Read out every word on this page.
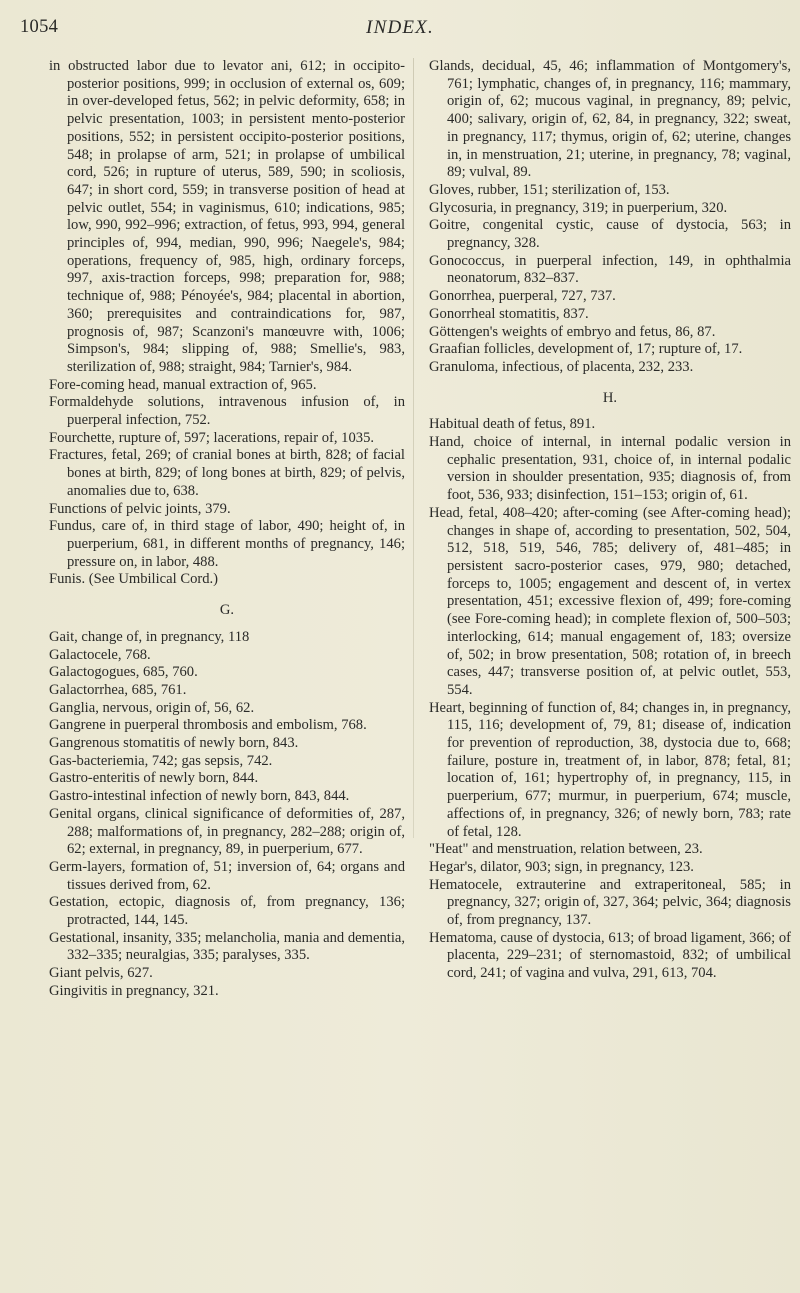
1054	INDEX.

in obstructed labor due to levator ani, 612; in occipito-posterior positions, 999; in occlusion of external os, 609; in over-developed fetus, 562; in pelvic deformity, 658; in pelvic presentation, 1003; in persistent mento-posterior positions, 552; in persistent occipito-posterior positions, 548; in prolapse of arm, 521; in prolapse of umbilical cord, 526; in rupture of uterus, 589, 590; in scoliosis, 647; in short cord, 559; in transverse position of head at pelvic outlet, 554; in vaginismus, 610; indications, 985; low, 990, 992–996; extraction, of fetus, 993, 994, general principles of, 994, median, 990, 996; Naegele's, 984; operations, frequency of, 985, high, ordinary forceps, 997, axis-traction forceps, 998; preparation for, 988; technique of, 988; Pénoyée's, 984; placental in abortion, 360; prerequisites and contraindications for, 987, prognosis of, 987; Scanzoni's manœuvre with, 1006; Simpson's, 984; slipping of, 988; Smellie's, 983, sterilization of, 988; straight, 984; Tarnier's, 984.

Fore-coming head, manual extraction of, 965.

Formaldehyde solutions, intravenous infusion of, in puerperal infection, 752.

Fourchette, rupture of, 597; lacerations, repair of, 1035.

Fractures, fetal, 269; of cranial bones at birth, 828; of facial bones at birth, 829; of long bones at birth, 829; of pelvis, anomalies due to, 638.

Functions of pelvic joints, 379.

Fundus, care of, in third stage of labor, 490; height of, in puerperium, 681, in different months of pregnancy, 146; pressure on, in labor, 488.

Funis. (See Umbilical Cord.)

G.

Gait, change of, in pregnancy, 118

Galactocele, 768.

Galactogogues, 685, 760.

Galactorrhea, 685, 761.

Ganglia, nervous, origin of, 56, 62.

Gangrene in puerperal thrombosis and embolism, 768.

Gangrenous stomatitis of newly born, 843.

Gas-bacteriemia, 742; gas sepsis, 742.

Gastro-enteritis of newly born, 844.

Gastro-intestinal infection of newly born, 843, 844.

Genital organs, clinical significance of deformities of, 287, 288; malformations of, in pregnancy, 282–288; origin of, 62; external, in pregnancy, 89, in puerperium, 677.

Germ-layers, formation of, 51; inversion of, 64; organs and tissues derived from, 62.

Gestation, ectopic, diagnosis of, from pregnancy, 136; protracted, 144, 145.

Gestational, insanity, 335; melancholia, mania and dementia, 332–335; neuralgias, 335; paralyses, 335.

Giant pelvis, 627.

Gingivitis in pregnancy, 321.

Glands, decidual, 45, 46; inflammation of Montgomery's, 761; lymphatic, changes of, in pregnancy, 116; mammary, origin of, 62; mucous vaginal, in pregnancy, 89; pelvic, 400; salivary, origin of, 62, 84, in pregnancy, 322; sweat, in pregnancy, 117; thymus, origin of, 62; uterine, changes in, in menstruation, 21; uterine, in pregnancy, 78; vaginal, 89; vulval, 89.

Gloves, rubber, 151; sterilization of, 153.

Glycosuria, in pregnancy, 319; in puerperium, 320.

Goitre, congenital cystic, cause of dystocia, 563; in pregnancy, 328.

Gonococcus, in puerperal infection, 149, in ophthalmia neonatorum, 832–837.

Gonorrhea, puerperal, 727, 737.

Gonorrheal stomatitis, 837.

Göttengen's weights of embryo and fetus, 86, 87.

Graafian follicles, development of, 17; rupture of, 17.

Granuloma, infectious, of placenta, 232, 233.

H.

Habitual death of fetus, 891.

Hand, choice of internal, in internal podalic version in cephalic presentation, 931, choice of, in internal podalic version in shoulder presentation, 935; diagnosis of, from foot, 536, 933; disinfection, 151–153; origin of, 61.

Head, fetal, 408–420; after-coming (see After-coming head); changes in shape of, according to presentation, 502, 504, 512, 518, 519, 546, 785; delivery of, 481–485; in persistent sacro-posterior cases, 979, 980; detached, forceps to, 1005; engagement and descent of, in vertex presentation, 451; excessive flexion of, 499; fore-coming (see Fore-coming head); in complete flexion of, 500–503; interlocking, 614; manual engagement of, 183; oversize of, 502; in brow presentation, 508; rotation of, in breech cases, 447; transverse position of, at pelvic outlet, 553, 554.

Heart, beginning of function of, 84; changes in, in pregnancy, 115, 116; development of, 79, 81; disease of, indication for prevention of reproduction, 38, dystocia due to, 668; failure, posture in, treatment of, in labor, 878; fetal, 81; location of, 161; hypertrophy of, in pregnancy, 115, in puerperium, 677; murmur, in puerperium, 674; muscle, affections of, in pregnancy, 326; of newly born, 783; rate of fetal, 128.

"Heat" and menstruation, relation between, 23.

Hegar's, dilator, 903; sign, in pregnancy, 123.

Hematocele, extrauterine and extraperitoneal, 585; in pregnancy, 327; origin of, 327, 364; pelvic, 364; diagnosis of, from pregnancy, 137.

Hematoma, cause of dystocia, 613; of broad ligament, 366; of placenta, 229–231; of sternomastoid, 832; of umbilical cord, 241; of vagina and vulva, 291, 613, 704.
